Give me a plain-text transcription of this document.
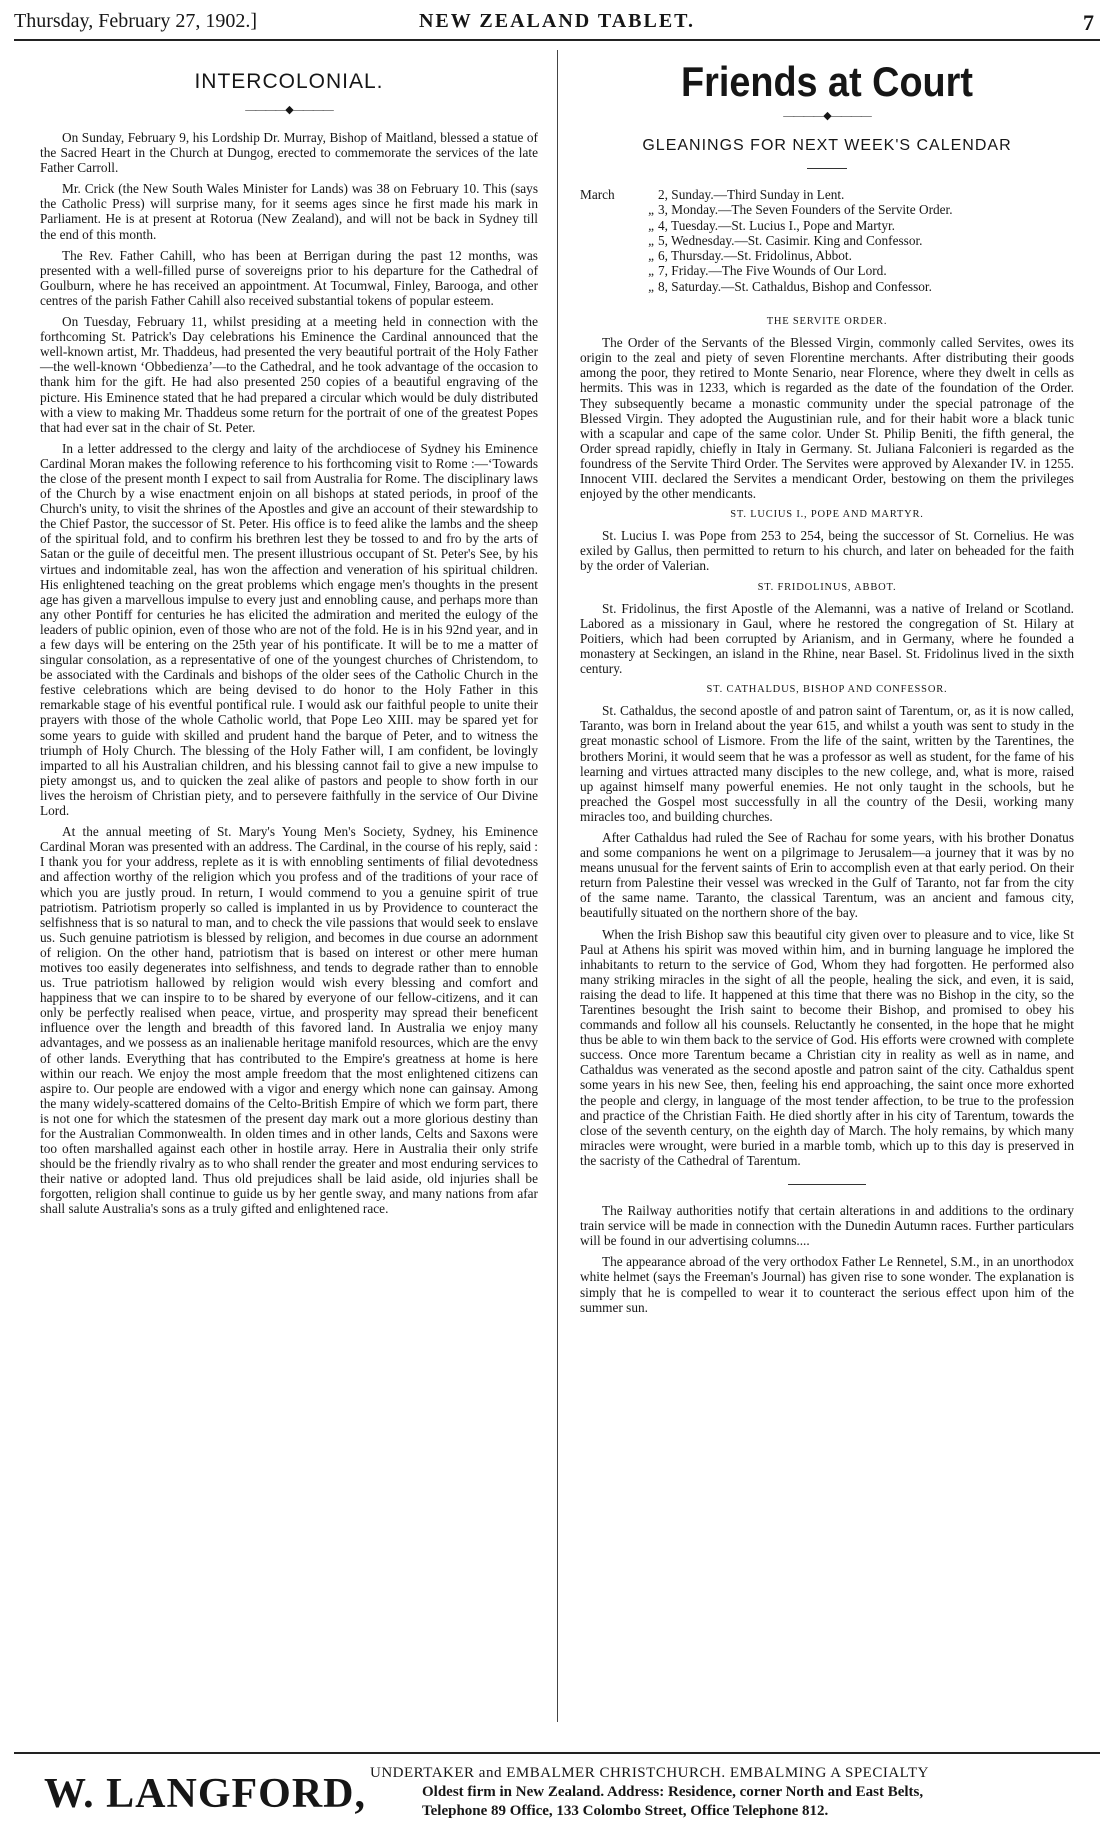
Thursday, February 27, 1902.]	NEW ZEALAND TABLET.	7
INTERCOLONIAL.
————◆————

On Sunday, February 9, his Lordship Dr. Murray, Bishop of Maitland, blessed a statue of the Sacred Heart in the Church at Dungog, erected to commemorate the services of the late Father Carroll.

Mr. Crick (the New South Wales Minister for Lands) was 38 on February 10. This (says the Catholic Press) will surprise many, for it seems ages since he first made his mark in Parliament. He is at present at Rotorua (New Zealand), and will not be back in Sydney till the end of this month.

The Rev. Father Cahill, who has been at Berrigan during the past 12 months, was presented with a well-filled purse of sovereigns prior to his departure for the Cathedral of Goulburn, where he has received an appointment. At Tocumwal, Finley, Barooga, and other centres of the parish Father Cahill also received substantial tokens of popular esteem.

On Tuesday, February 11, whilst presiding at a meeting held in connection with the forthcoming St. Patrick's Day celebrations his Eminence the Cardinal announced that the well-known artist, Mr. Thaddeus, had presented the very beautiful portrait of the Holy Father—the well-known ‘Obbedienza’—to the Cathedral, and he took advantage of the occasion to thank him for the gift. He had also presented 250 copies of a beautiful engraving of the picture. His Eminence stated that he had prepared a circular which would be duly distributed with a view to making Mr. Thaddeus some return for the portrait of one of the greatest Popes that had ever sat in the chair of St. Peter.

In a letter addressed to the clergy and laity of the archdiocese of Sydney his Eminence Cardinal Moran makes the following reference to his forthcoming visit to Rome :—‘Towards the close of the present month I expect to sail from Australia for Rome. The disciplinary laws of the Church by a wise enactment enjoin on all bishops at stated periods, in proof of the Church's unity, to visit the shrines of the Apostles and give an account of their stewardship to the Chief Pastor, the successor of St. Peter. His office is to feed alike the lambs and the sheep of the spiritual fold, and to confirm his brethren lest they be tossed to and fro by the arts of Satan or the guile of deceitful men. The present illustrious occupant of St. Peter's See, by his virtues and indomitable zeal, has won the affection and veneration of his spiritual children. His enlightened teaching on the great problems which engage men's thoughts in the present age has given a marvellous impulse to every just and ennobling cause, and perhaps more than any other Pontiff for centuries he has elicited the admiration and merited the eulogy of the leaders of public opinion, even of those who are not of the fold. He is in his 92nd year, and in a few days will be entering on the 25th year of his pontificate. It will be to me a matter of singular consolation, as a representative of one of the youngest churches of Christendom, to be associated with the Cardinals and bishops of the older sees of the Catholic Church in the festive celebrations which are being devised to do honor to the Holy Father in this remarkable stage of his eventful pontifical rule. I would ask our faithful people to unite their prayers with those of the whole Catholic world, that Pope Leo XIII. may be spared yet for some years to guide with skilled and prudent hand the barque of Peter, and to witness the triumph of Holy Church. The blessing of the Holy Father will, I am confident, be lovingly imparted to all his Australian children, and his blessing cannot fail to give a new impulse to piety amongst us, and to quicken the zeal alike of pastors and people to show forth in our lives the heroism of Christian piety, and to persevere faithfully in the service of Our Divine Lord.

At the annual meeting of St. Mary's Young Men's Society, Sydney, his Eminence Cardinal Moran was presented with an address. The Cardinal, in the course of his reply, said : I thank you for your address, replete as it is with ennobling sentiments of filial devotedness and affection worthy of the religion which you profess and of the traditions of your race of which you are justly proud. In return, I would commend to you a genuine spirit of true patriotism. Patriotism properly so called is implanted in us by Providence to counteract the selfishness that is so natural to man, and to check the vile passions that would seek to enslave us. Such genuine patriotism is blessed by religion, and becomes in due course an adornment of religion. On the other hand, patriotism that is based on interest or other mere human motives too easily degenerates into selfishness, and tends to degrade rather than to ennoble us. True patriotism hallowed by religion would wish every blessing and comfort and happiness that we can inspire to to be shared by everyone of our fellow-citizens, and it can only be perfectly realised when peace, virtue, and prosperity may spread their beneficent influence over the length and breadth of this favored land. In Australia we enjoy many advantages, and we possess as an inalienable heritage manifold resources, which are the envy of other lands. Everything that has contributed to the Empire's greatness at home is here within our reach. We enjoy the most ample freedom that the most enlightened citizens can aspire to. Our people are endowed with a vigor and energy which none can gainsay. Among the many widely-scattered domains of the Celto-British Empire of which we form part, there is not one for which the statesmen of the present day mark out a more glorious destiny than for the Australian Commonwealth. In olden times and in other lands, Celts and Saxons were too often marshalled against each other in hostile array. Here in Australia their only strife should be the friendly rivalry as to who shall render the greater and most enduring services to their native or adopted land. Thus old prejudices shall be laid aside, old injuries shall be forgotten, religion shall continue to guide us by her gentle sway, and many nations from afar shall salute Australia's sons as a truly gifted and enlightened race.

Friends at Court
————◆————
GLEANINGS FOR NEXT WEEK'S CALENDAR
March	2, Sunday.—Third Sunday in Lent.
„ 3, Monday.—The Seven Founders of the Servite Order.
„ 4, Tuesday.—St. Lucius I., Pope and Martyr.
„ 5, Wednesday.—St. Casimir. King and Confessor.
„ 6, Thursday.—St. Fridolinus, Abbot.
„ 7, Friday.—The Five Wounds of Our Lord.
„ 8, Saturday.—St. Cathaldus, Bishop and Confessor.

THE SERVITE ORDER.

The Order of the Servants of the Blessed Virgin, commonly called Servites, owes its origin to the zeal and piety of seven Florentine merchants. After distributing their goods among the poor, they retired to Monte Senario, near Florence, where they dwelt in cells as hermits. This was in 1233, which is regarded as the date of the foundation of the Order. They subsequently became a monastic community under the special patronage of the Blessed Virgin. They adopted the Augustinian rule, and for their habit wore a black tunic with a scapular and cape of the same color. Under St. Philip Beniti, the fifth general, the Order spread rapidly, chiefly in Italy in Germany. St. Juliana Falconieri is regarded as the foundress of the Servite Third Order. The Servites were approved by Alexander IV. in 1255. Innocent VIII. declared the Servites a mendicant Order, bestowing on them the privileges enjoyed by the other mendicants.

ST. LUCIUS I., POPE AND MARTYR.

St. Lucius I. was Pope from 253 to 254, being the successor of St. Cornelius. He was exiled by Gallus, then permitted to return to his church, and later on beheaded for the faith by the order of Valerian.

ST. FRIDOLINUS, ABBOT.

St. Fridolinus, the first Apostle of the Alemanni, was a native of Ireland or Scotland. Labored as a missionary in Gaul, where he restored the congregation of St. Hilary at Poitiers, which had been corrupted by Arianism, and in Germany, where he founded a monastery at Seckingen, an island in the Rhine, near Basel. St. Fridolinus lived in the sixth century.

ST. CATHALDUS, BISHOP AND CONFESSOR.

St. Cathaldus, the second apostle of and patron saint of Tarentum, or, as it is now called, Taranto, was born in Ireland about the year 615, and whilst a youth was sent to study in the great monastic school of Lismore. From the life of the saint, written by the Tarentines, the brothers Morini, it would seem that he was a professor as well as student, for the fame of his learning and virtues attracted many disciples to the new college, and, what is more, raised up against himself many powerful enemies. He not only taught in the schools, but he preached the Gospel most successfully in all the country of the Desii, working many miracles too, and building churches.

After Cathaldus had ruled the See of Rachau for some years, with his brother Donatus and some companions he went on a pilgrimage to Jerusalem—a journey that it was by no means unusual for the fervent saints of Erin to accomplish even at that early period. On their return from Palestine their vessel was wrecked in the Gulf of Taranto, not far from the city of the same name. Taranto, the classical Tarentum, was an ancient and famous city, beautifully situated on the northern shore of the bay.

When the Irish Bishop saw this beautiful city given over to pleasure and to vice, like St Paul at Athens his spirit was moved within him, and in burning language he implored the inhabitants to return to the service of God, Whom they had forgotten. He performed also many striking miracles in the sight of all the people, healing the sick, and even, it is said, raising the dead to life. It happened at this time that there was no Bishop in the city, so the Tarentines besought the Irish saint to become their Bishop, and promised to obey his commands and follow all his counsels. Reluctantly he consented, in the hope that he might thus be able to win them back to the service of God. His efforts were crowned with complete success. Once more Tarentum became a Christian city in reality as well as in name, and Cathaldus was venerated as the second apostle and patron saint of the city. Cathaldus spent some years in his new See, then, feeling his end approaching, the saint once more exhorted the people and clergy, in language of the most tender affection, to be true to the profession and practice of the Christian Faith. He died shortly after in his city of Tarentum, towards the close of the seventh century, on the eighth day of March. The holy remains, by which many miracles were wrought, were buried in a marble tomb, which up to this day is preserved in the sacristy of the Cathedral of Tarentum.

The Railway authorities notify that certain alterations in and additions to the ordinary train service will be made in connection with the Dunedin Autumn races. Further particulars will be found in our advertising columns....

The appearance abroad of the very orthodox Father Le Rennetel, S.M., in an unorthodox white helmet (says the Freeman's Journal) has given rise to sone wonder. The explanation is simply that he is compelled to wear it to counteract the serious effect upon him of the summer sun.

W. LANGFORD, UNDERTAKER and EMBALMER CHRISTCHURCH. EMBALMING A SPECIALTY
Oldest firm in New Zealand. Address: Residence, corner North and East Belts,
Telephone 89 Office, 133 Colombo Street, Office Telephone 812.
